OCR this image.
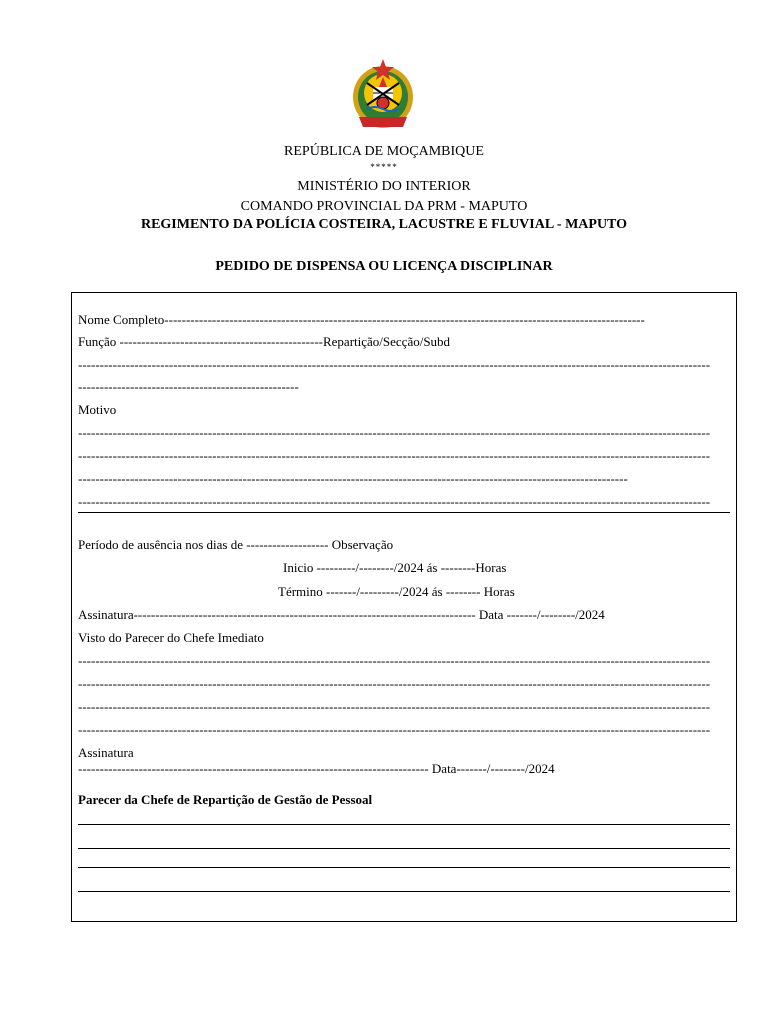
REPÚBLICA DE MOÇAMBIQUE
*****
MINISTÉRIO DO INTERIOR
COMANDO PROVINCIAL DA PRM - MAPUTO
REGIMENTO DA POLÍCIA COSTEIRA, LACUSTRE E FLUVIAL - MAPUTO
PEDIDO DE DISPENSA OU LICENÇA DISCIPLINAR
Nome Completo---------------------------------------------------------------------------------------------------------------
Função -----------------------------------------------Repartição/Secção/Subd
--------------------------------------------------------------------------------------------------------------------------------------------------
---------------------------------------------------
Motivo
--------------------------------------------------------------------------------------------------------------------------------------------------
--------------------------------------------------------------------------------------------------------------------------------------------------
-------------------------------------------------------------------------------------------------------------------------------
--------------------------------------------------------------------------------------------------------------------------------------------------
Período de ausência nos dias de ------------------- Observação
Inicio ---------/--------/2024 ás --------Horas
Término -------/---------/2024 ás -------- Horas
Assinatura------------------------------------------------------------------------------- Data -------/--------/2024
Visto do Parecer do Chefe Imediato
--------------------------------------------------------------------------------------------------------------------------------------------------
--------------------------------------------------------------------------------------------------------------------------------------------------
--------------------------------------------------------------------------------------------------------------------------------------------------
--------------------------------------------------------------------------------------------------------------------------------------------------
Assinatura
--------------------------------------------------------------------------------- Data-------/--------/2024
Parecer da Chefe de Repartição de Gestão de Pessoal
